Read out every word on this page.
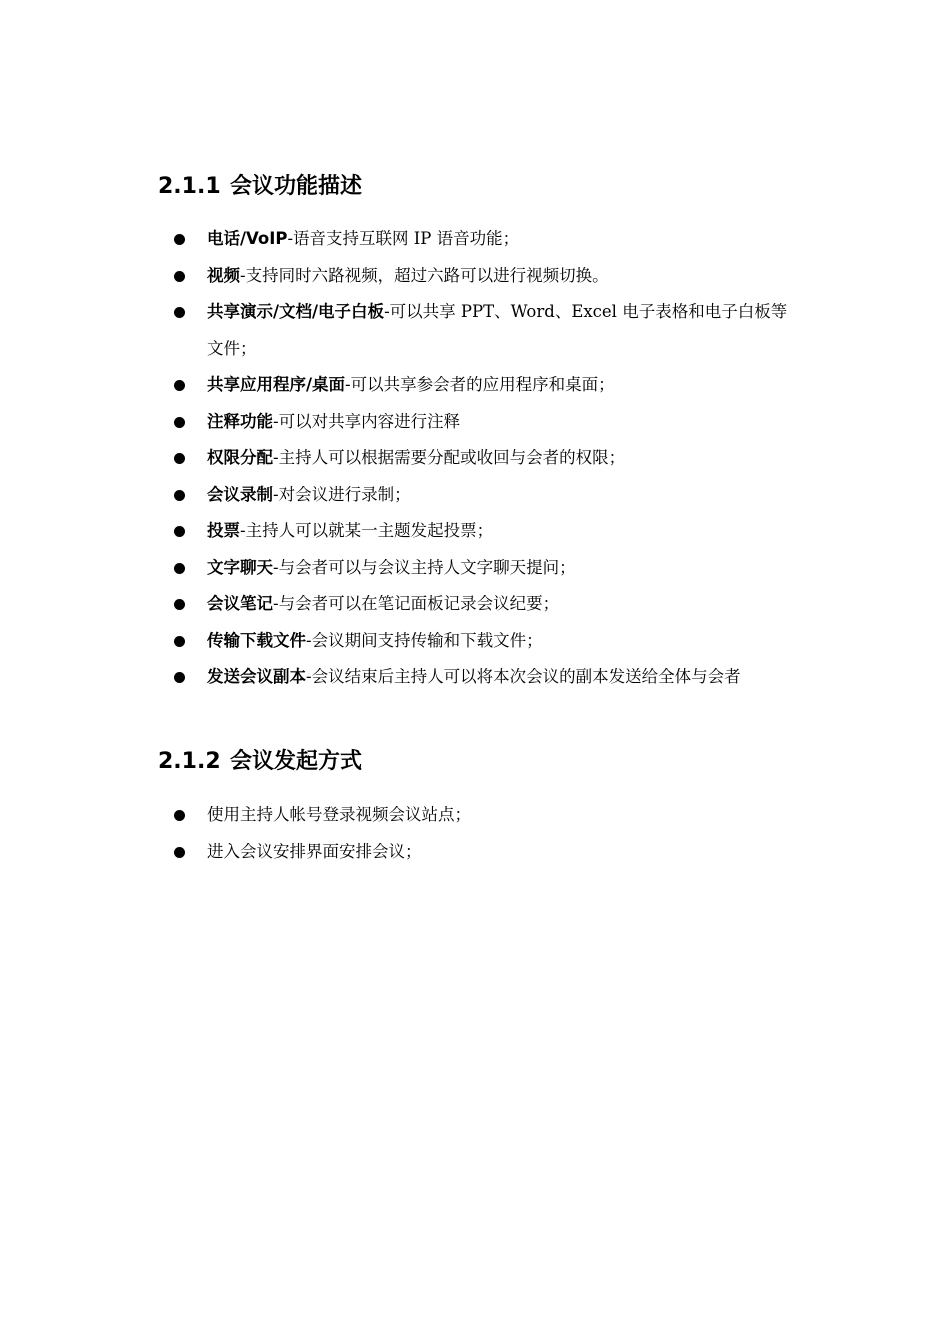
2.1.1 会议功能描述
电话/VoIP-语音支持互联网 IP 语音功能；
视频-支持同时六路视频，超过六路可以进行视频切换。
共享演示/文档/电子白板-可以共享 PPT、Word、Excel 电子表格和电子白板等文件；
共享应用程序/桌面-可以共享参会者的应用程序和桌面；
注释功能-可以对共享内容进行注释
权限分配-主持人可以根据需要分配或收回与会者的权限；
会议录制-对会议进行录制；
投票-主持人可以就某一主题发起投票；
文字聊天-与会者可以与会议主持人文字聊天提问；
会议笔记-与会者可以在笔记面板记录会议纪要；
传输下载文件-会议期间支持传输和下载文件；
发送会议副本-会议结束后主持人可以将本次会议的副本发送给全体与会者
2.1.2 会议发起方式
使用主持人帐号登录视频会议站点；
进入会议安排界面安排会议；
